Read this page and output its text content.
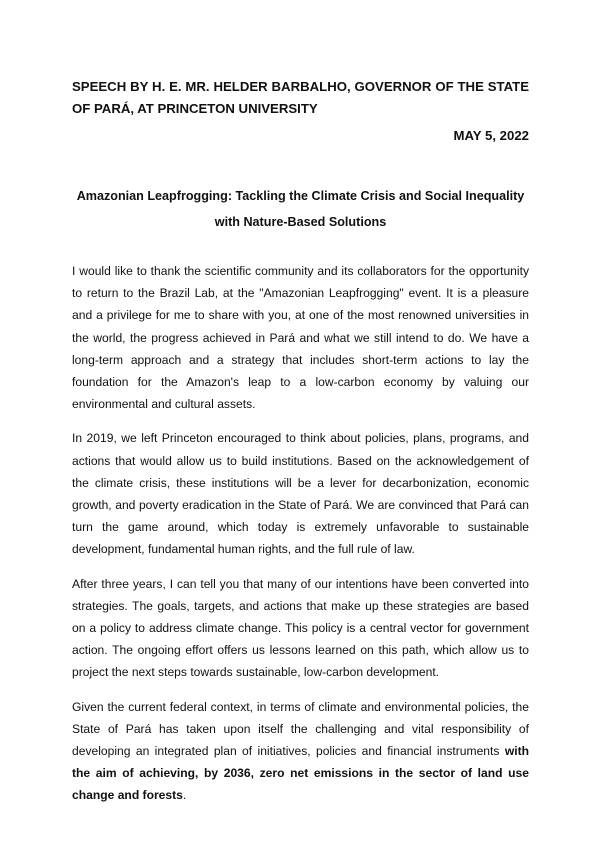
SPEECH BY H. E. MR. HELDER BARBALHO, GOVERNOR OF THE STATE OF PARÁ, AT PRINCETON UNIVERSITY
MAY 5, 2022
Amazonian Leapfrogging: Tackling the Climate Crisis and Social Inequality
with Nature-Based Solutions

I would like to thank the scientific community and its collaborators for the opportunity to return to the Brazil Lab, at the "Amazonian Leapfrogging" event. It is a pleasure and a privilege for me to share with you, at one of the most renowned universities in the world, the progress achieved in Pará and what we still intend to do. We have a long-term approach and a strategy that includes short-term actions to lay the foundation for the Amazon's leap to a low-carbon economy by valuing our environmental and cultural assets.

In 2019, we left Princeton encouraged to think about policies, plans, programs, and actions that would allow us to build institutions. Based on the acknowledgement of the climate crisis, these institutions will be a lever for decarbonization, economic growth, and poverty eradication in the State of Pará. We are convinced that Pará can turn the game around, which today is extremely unfavorable to sustainable development, fundamental human rights, and the full rule of law.

After three years, I can tell you that many of our intentions have been converted into strategies. The goals, targets, and actions that make up these strategies are based on a policy to address climate change. This policy is a central vector for government action. The ongoing effort offers us lessons learned on this path, which allow us to project the next steps towards sustainable, low-carbon development.

Given the current federal context, in terms of climate and environmental policies, the State of Pará has taken upon itself the challenging and vital responsibility of developing an integrated plan of initiatives, policies and financial instruments with the aim of achieving, by 2036, zero net emissions in the sector of land use change and forests.
